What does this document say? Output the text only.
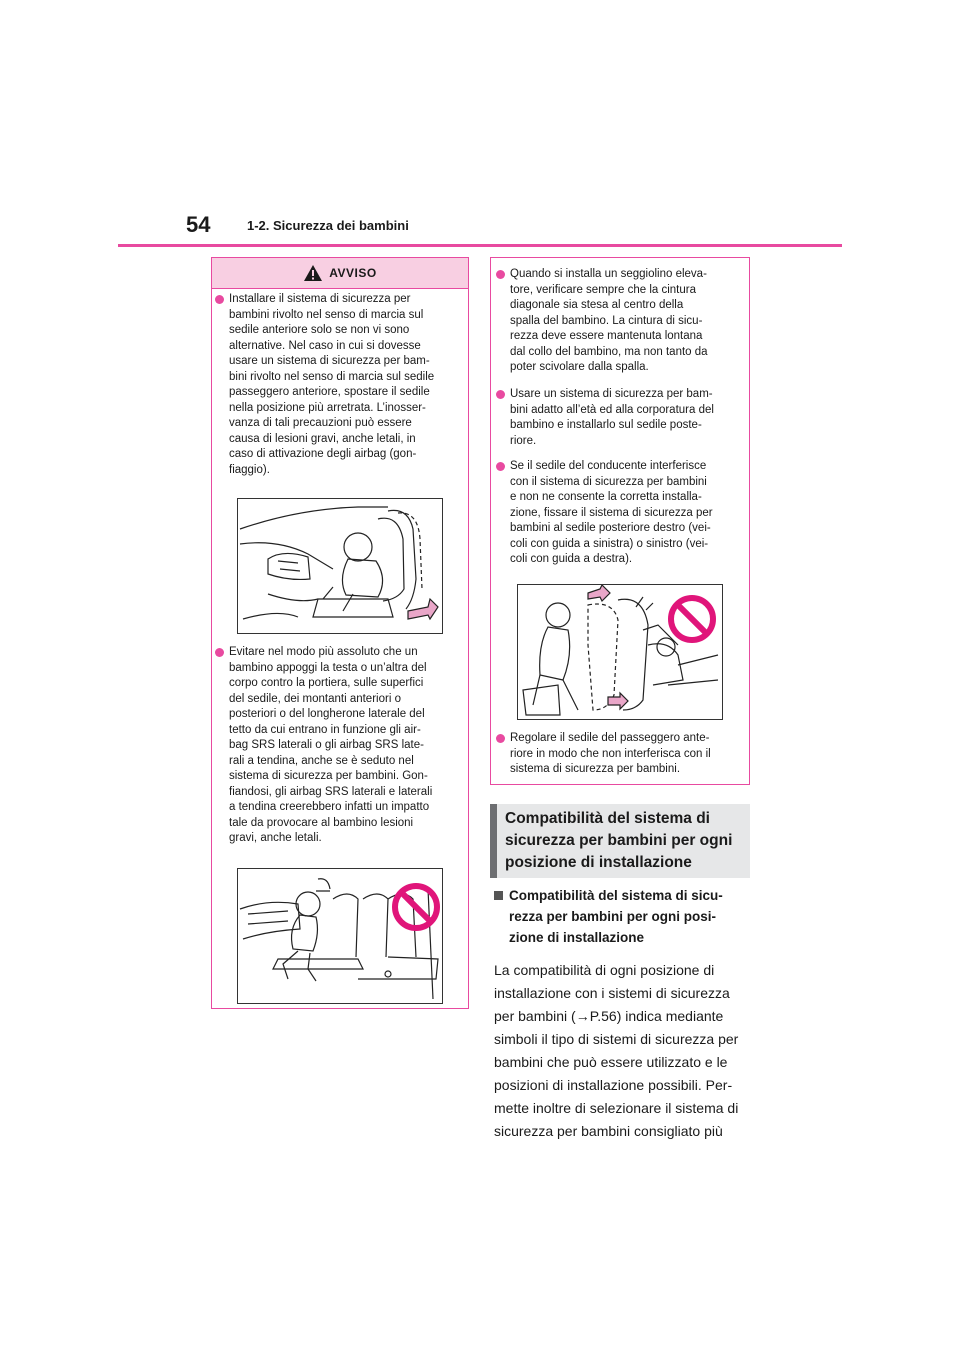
54	1-2. Sicurezza dei bambini
AVVISO
Installare il sistema di sicurezza per
bambini rivolto nel senso di marcia sul
sedile anteriore solo se non vi sono
alternative. Nel caso in cui si dovesse
usare un sistema di sicurezza per bam-
bini rivolto nel senso di marcia sul sedile
passeggero anteriore, spostare il sedile
nella posizione più arretrata. L’inosser-
vanza di tali precauzioni può essere
causa di lesioni gravi, anche letali, in
caso di attivazione degli airbag (gon-
fiaggio).
Evitare nel modo più assoluto che un
bambino appoggi la testa o un’altra del
corpo contro la portiera, sulle superfici
del sedile, dei montanti anteriori o
posteriori o del longherone laterale del
tetto da cui entrano in funzione gli air-
bag SRS laterali o gli airbag SRS late-
rali a tendina, anche se è seduto nel
sistema di sicurezza per bambini. Gon-
fiandosi, gli airbag SRS laterali e laterali
a tendina creerebbero infatti un impatto
tale da provocare al bambino lesioni
gravi, anche letali.
Quando si installa un seggiolino eleva-
tore, verificare sempre che la cintura
diagonale sia stesa al centro della
spalla del bambino. La cintura di sicu-
rezza deve essere mantenuta lontana
dal collo del bambino, ma non tanto da
poter scivolare dalla spalla.
Usare un sistema di sicurezza per bam-
bini adatto all’età ed alla corporatura del
bambino e installarlo sul sedile poste-
riore.
Se il sedile del conducente interferisce
con il sistema di sicurezza per bambini
e non ne consente la corretta installa-
zione, fissare il sistema di sicurezza per
bambini al sedile posteriore destro (vei-
coli con guida a sinistra) o sinistro (vei-
coli con guida a destra).
Regolare il sedile del passeggero ante-
riore in modo che non interferisca con il
sistema di sicurezza per bambini.
Compatibilità del sistema di
sicurezza per bambini per ogni
posizione di installazione
Compatibilità del sistema di sicu-
rezza per bambini per ogni posi-
zione di installazione
La compatibilità di ogni posizione di
installazione con i sistemi di sicurezza
per bambini (→P.56) indica mediante
simboli il tipo di sistemi di sicurezza per
bambini che può essere utilizzato e le
posizioni di installazione possibili. Per-
mette inoltre di selezionare il sistema di
sicurezza per bambini consigliato più
